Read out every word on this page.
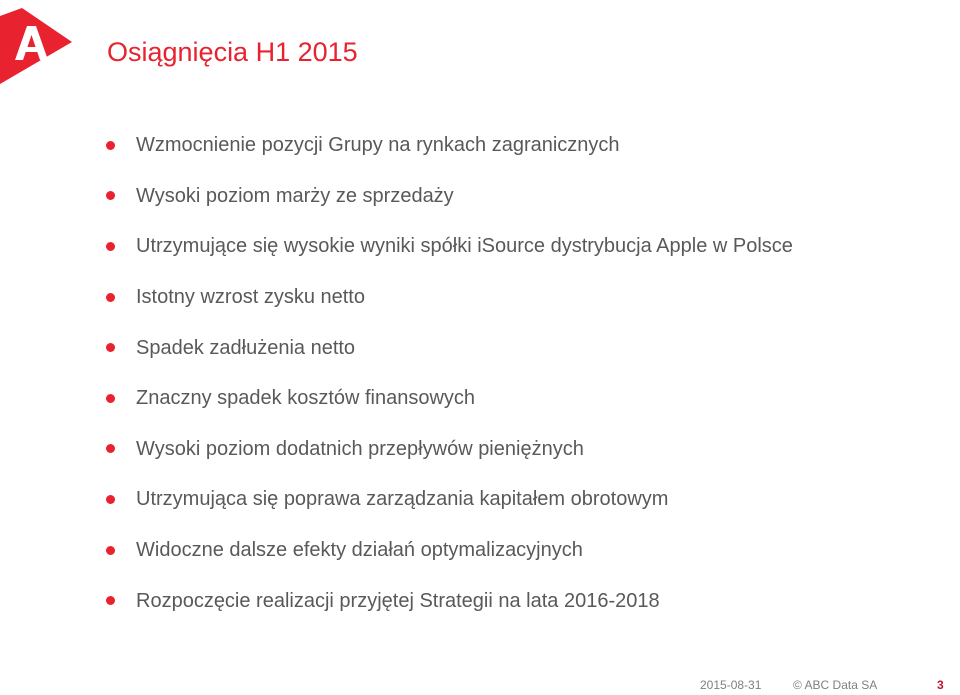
Osiągnięcia H1 2015
Wzmocnienie pozycji Grupy na rynkach zagranicznych
Wysoki poziom marży ze sprzedaży
Utrzymujące się wysokie wyniki spółki iSource dystrybucja Apple w Polsce
Istotny wzrost zysku netto
Spadek zadłużenia netto
Znaczny spadek kosztów finansowych
Wysoki poziom dodatnich przepływów pieniężnych
Utrzymująca się poprawa zarządzania kapitałem obrotowym
Widoczne dalsze efekty działań optymalizacyjnych
Rozpoczęcie realizacji przyjętej Strategii na lata 2016-2018
2015-08-31	© ABC Data SA	3
